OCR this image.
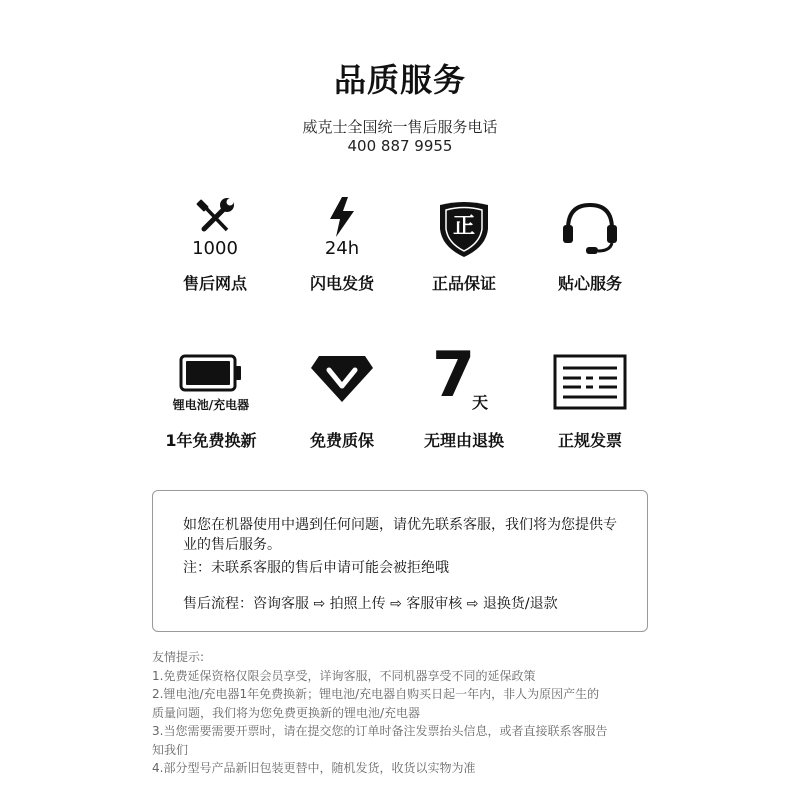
品质服务
威克士全国统一售后服务电话
400 887 9955
1000
售后网点
24h
闪电发货
正
正品保证	贴心服务
锂电池/充电器
1年免费换新	免费质保
7
天
无理由退换	正规发票
如您在机器使用中遇到任何问题，请优先联系客服，我们将为您提供专业的售后服务。
注：未联系客服的售后申请可能会被拒绝哦
售后流程：咨询客服 ⇨ 拍照上传 ⇨ 客服审核 ⇨ 退换货/退款
友情提示:
1.免费延保资格仅限会员享受，详询客服，不同机器享受不同的延保政策
2.锂电池/充电器1年免费换新；锂电池/充电器自购买日起一年内，非人为原因产生的
质量问题，我们将为您免费更换新的锂电池/充电器
3.当您需要需要开票时，请在提交您的订单时备注发票抬头信息，或者直接联系客服告
知我们
4.部分型号产品新旧包装更替中，随机发货，收货以实物为准
